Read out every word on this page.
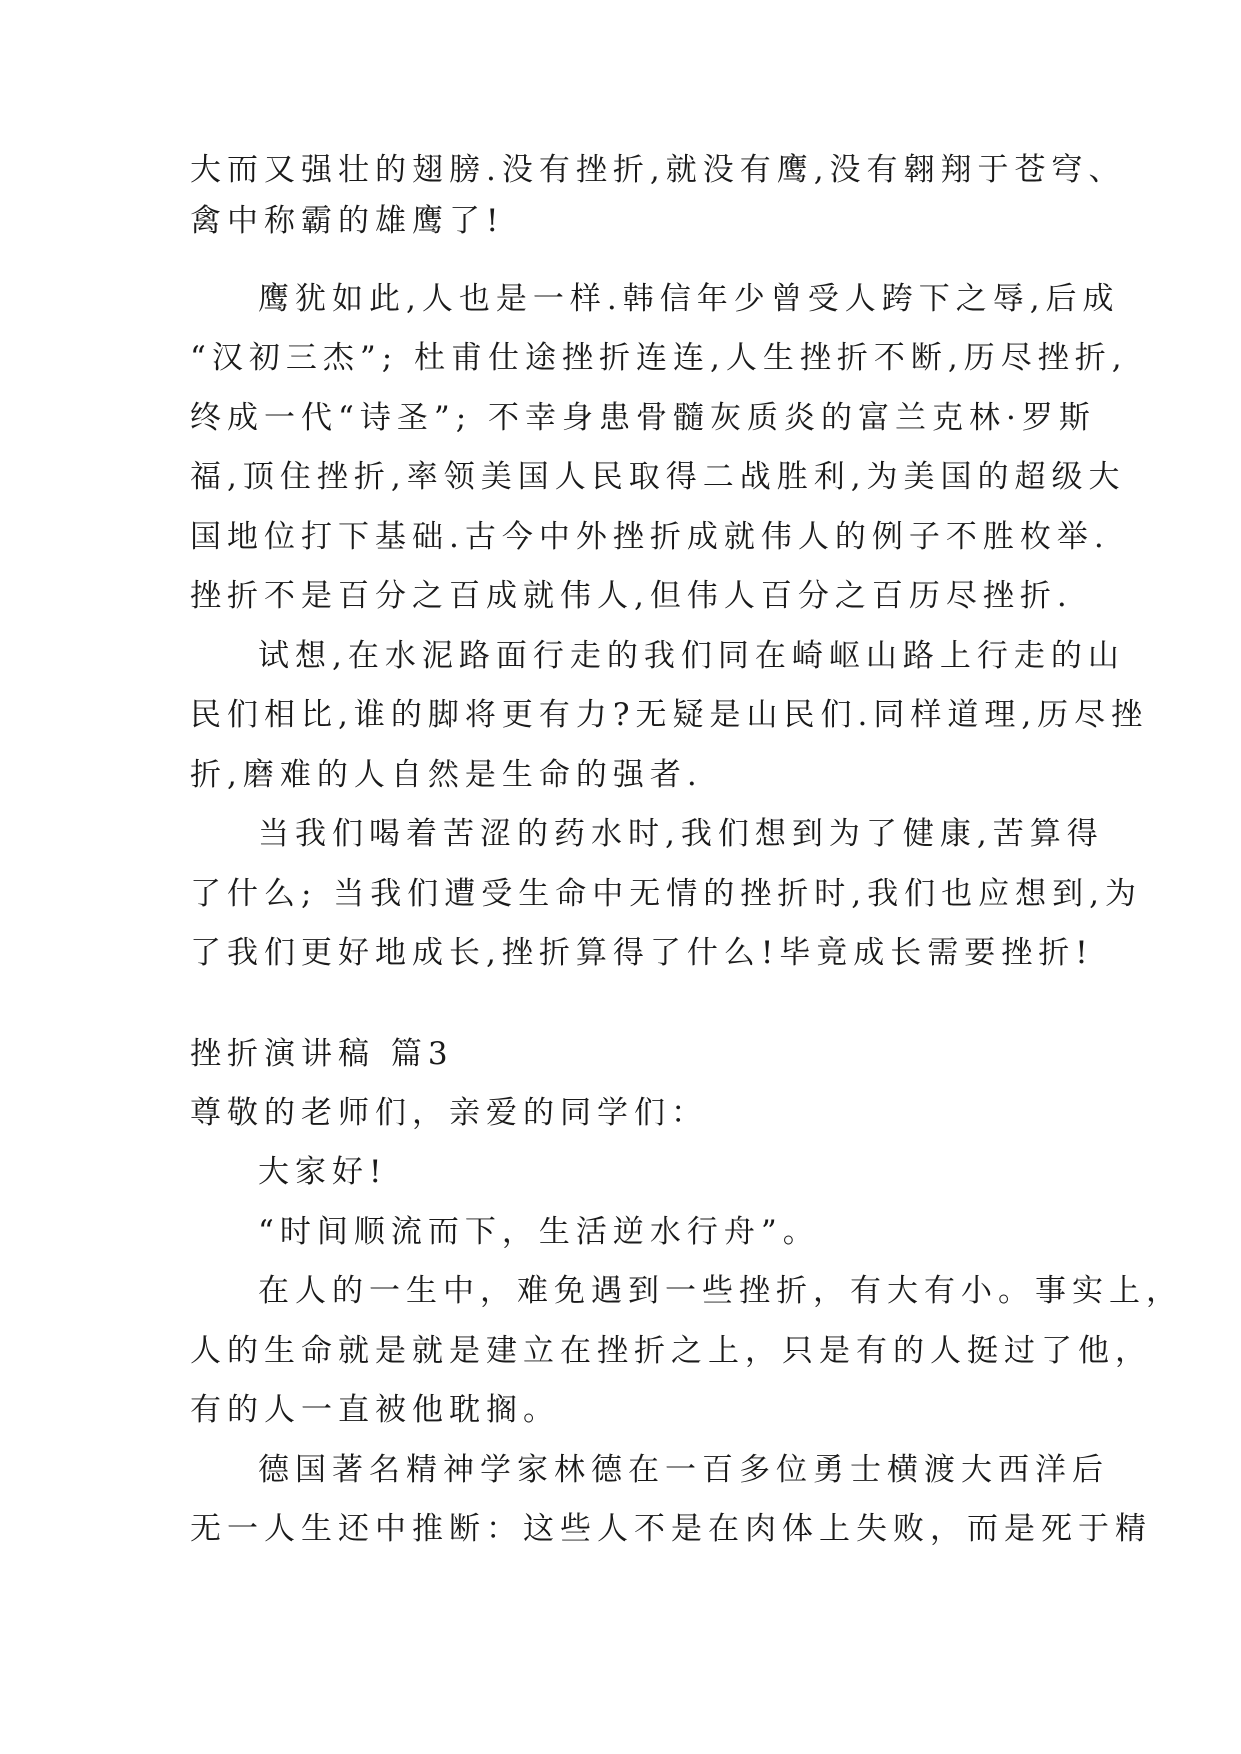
大而又强壮的翅膀.没有挫折,就没有鹰,没有翱翔于苍穹、
禽中称霸的雄鹰了!
鹰犹如此,人也是一样.韩信年少曾受人跨下之辱,后成
“汉初三杰”; 杜甫仕途挫折连连,人生挫折不断,历尽挫折,
终成一代“诗圣”; 不幸身患骨髓灰质炎的富兰克林·罗斯
福,顶住挫折,率领美国人民取得二战胜利,为美国的超级大
国地位打下基础.古今中外挫折成就伟人的例子不胜枚举.
挫折不是百分之百成就伟人,但伟人百分之百历尽挫折.
试想,在水泥路面行走的我们同在崎岖山路上行走的山
民们相比,谁的脚将更有力?无疑是山民们.同样道理,历尽挫
折,磨难的人自然是生命的强者.
当我们喝着苦涩的药水时,我们想到为了健康,苦算得
了什么; 当我们遭受生命中无情的挫折时,我们也应想到,为
了我们更好地成长,挫折算得了什么!毕竟成长需要挫折!
挫折演讲稿 篇3
尊敬的老师们，亲爱的同学们：
大家好!
“时间顺流而下，生活逆水行舟”。
在人的一生中，难免遇到一些挫折，有大有小。事实上，
人的生命就是就是建立在挫折之上，只是有的人挺过了他，
有的人一直被他耽搁。
德国著名精神学家林德在一百多位勇士横渡大西洋后
无一人生还中推断：这些人不是在肉体上失败，而是死于精
